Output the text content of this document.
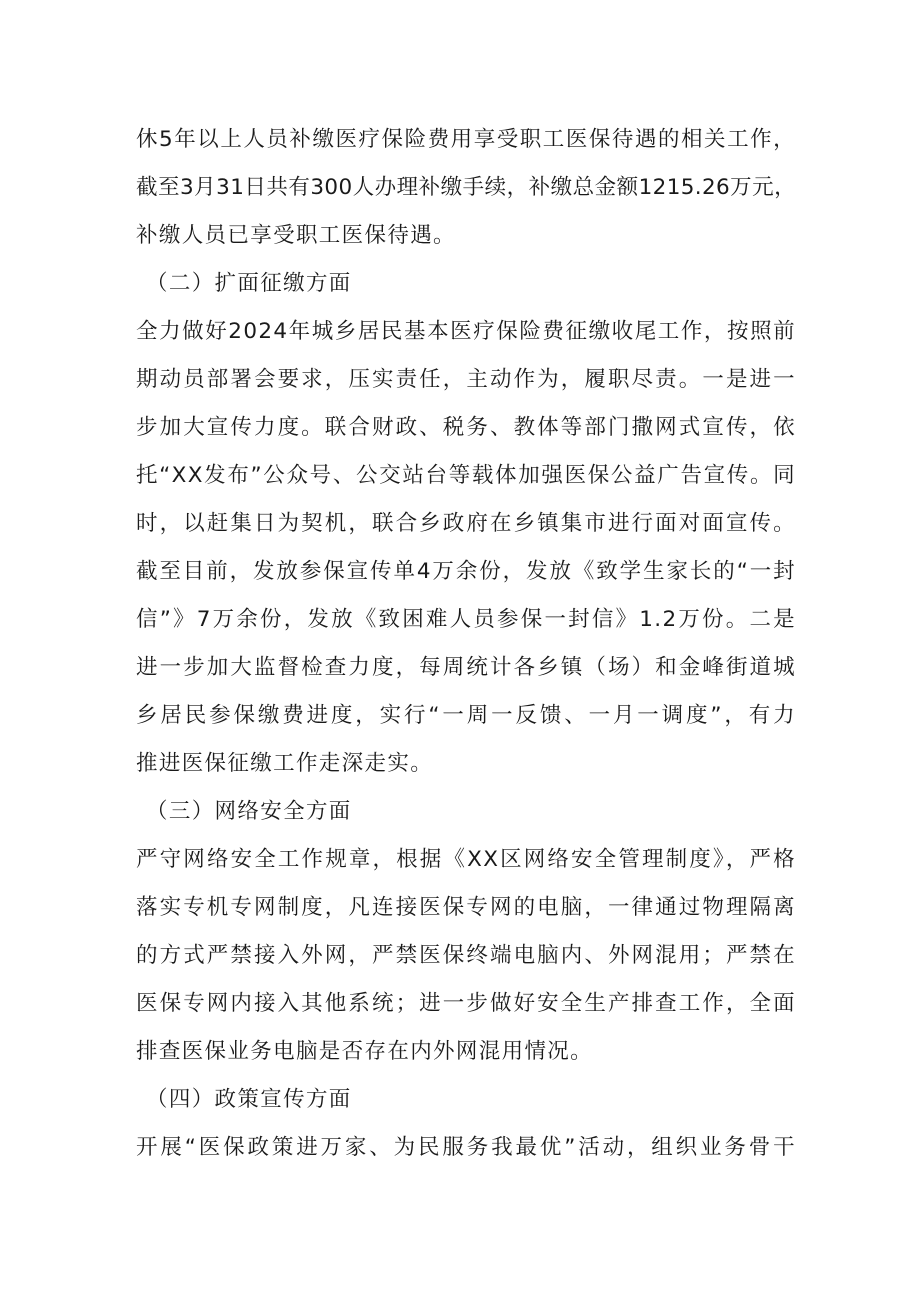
休5年以上人员补缴医疗保险费用享受职工医保待遇的相关工作，
截至3月31日共有300人办理补缴手续，补缴总金额1215.26万元，
补缴人员已享受职工医保待遇。
（二）扩面征缴方面
全力做好2024年城乡居民基本医疗保险费征缴收尾工作，按照前
期动员部署会要求，压实责任，主动作为，履职尽责。一是进一
步加大宣传力度。联合财政、税务、教体等部门撒网式宣传，依
托“XX发布”公众号、公交站台等载体加强医保公益广告宣传。同
时，以赶集日为契机，联合乡政府在乡镇集市进行面对面宣传。
截至目前，发放参保宣传单4万余份，发放《致学生家长的“一封
信”》7万余份，发放《致困难人员参保一封信》1.2万份。二是
进一步加大监督检查力度，每周统计各乡镇（场）和金峰街道城
乡居民参保缴费进度，实行“一周一反馈、一月一调度”，有力
推进医保征缴工作走深走实。
（三）网络安全方面
严守网络安全工作规章，根据《XX区网络安全管理制度》，严格
落实专机专网制度，凡连接医保专网的电脑，一律通过物理隔离
的方式严禁接入外网，严禁医保终端电脑内、外网混用；严禁在
医保专网内接入其他系统；进一步做好安全生产排查工作，全面
排查医保业务电脑是否存在内外网混用情况。
（四）政策宣传方面
开展“医保政策进万家、为民服务我最优”活动，组织业务骨干
